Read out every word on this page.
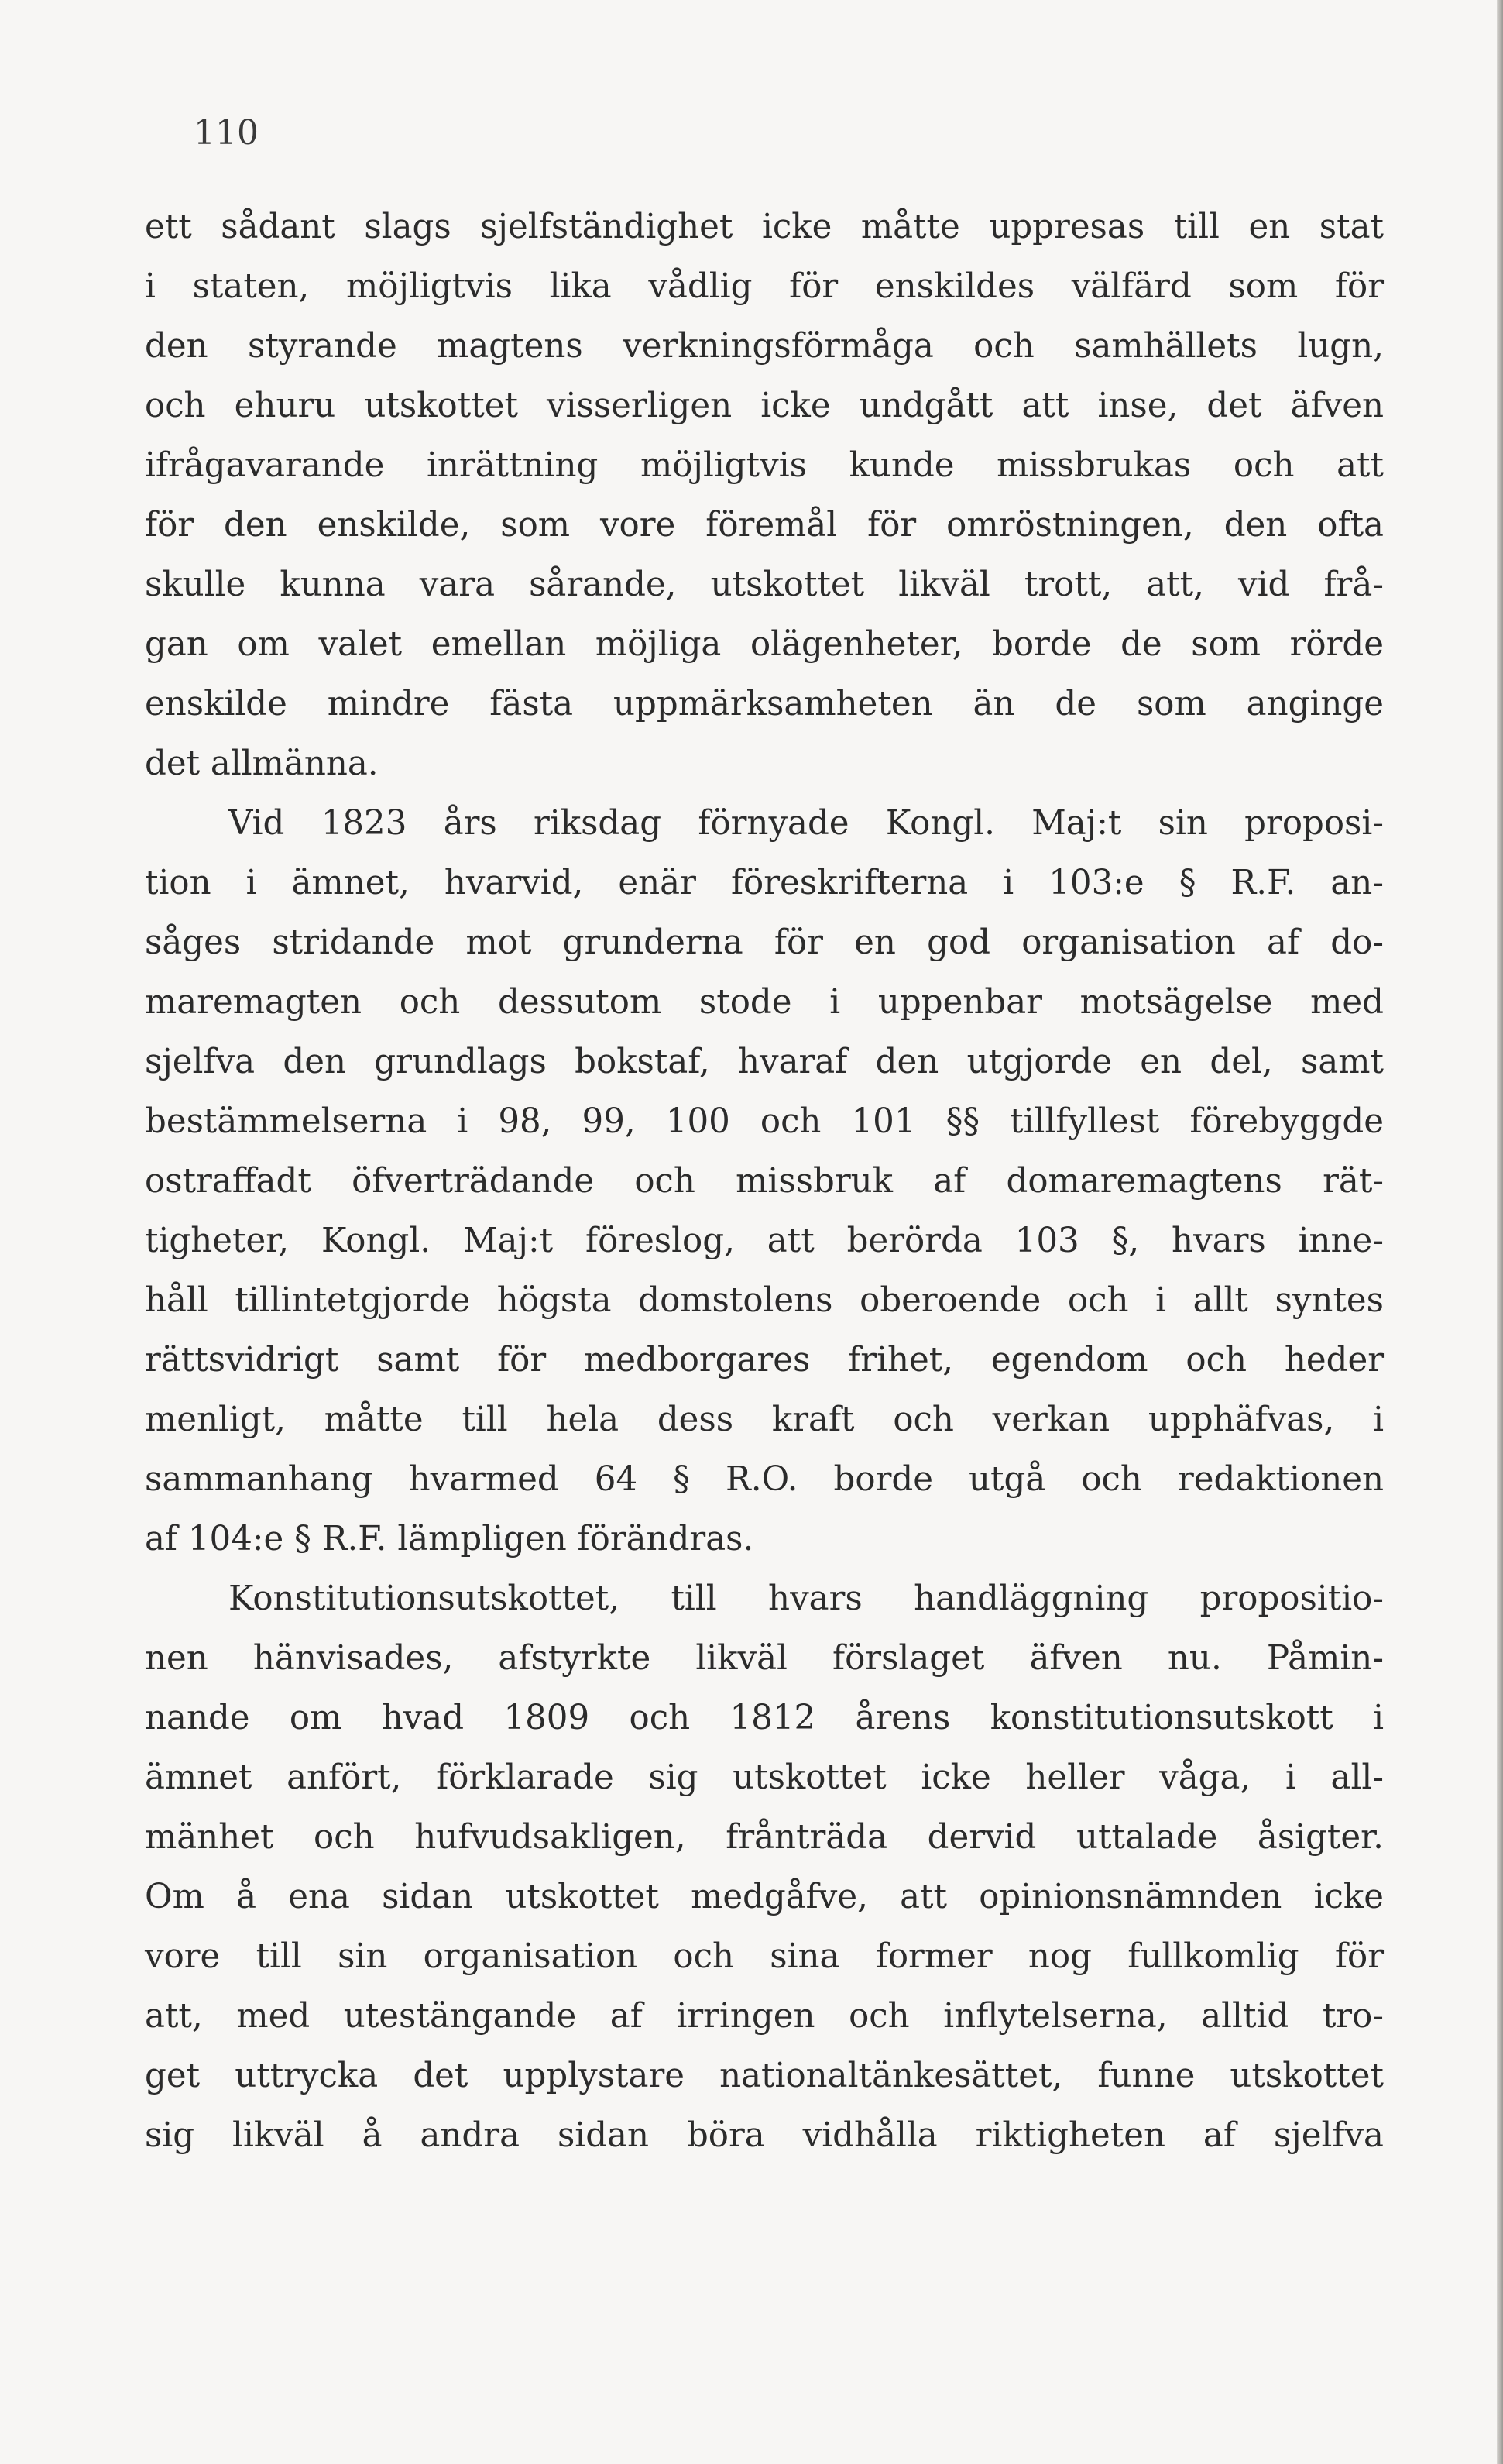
110
ett sådant slags sjelfständighet icke måtte uppresas till en stat
i staten, möjligtvis lika vådlig för enskildes välfärd som för
den styrande magtens verkningsförmåga och samhällets lugn,
och ehuru utskottet visserligen icke undgått att inse, det äfven
ifrågavarande inrättning möjligtvis kunde missbrukas och att
för den enskilde, som vore föremål för omröstningen, den ofta
skulle kunna vara sårande, utskottet likväl trott, att, vid frå-
gan om valet emellan möjliga olägenheter, borde de som rörde
enskilde mindre fästa uppmärksamheten än de som anginge
det allmänna.
Vid 1823 års riksdag förnyade Kongl. Maj:t sin proposi-
tion i ämnet, hvarvid, enär föreskrifterna i 103:e § R.F. an-
såges stridande mot grunderna för en god organisation af do-
maremagten och dessutom stode i uppenbar motsägelse med
sjelfva den grundlags bokstaf, hvaraf den utgjorde en del, samt
bestämmelserna i 98, 99, 100 och 101 §§ tillfyllest förebyggde
ostraffadt öfverträdande och missbruk af domaremagtens rät-
tigheter, Kongl. Maj:t föreslog, att berörda 103 §, hvars inne-
håll tillintetgjorde högsta domstolens oberoende och i allt syntes
rättsvidrigt samt för medborgares frihet, egendom och heder
menligt, måtte till hela dess kraft och verkan upphäfvas, i
sammanhang hvarmed 64 § R.O. borde utgå och redaktionen
af 104:e § R.F. lämpligen förändras.
Konstitutionsutskottet, till hvars handläggning propositio-
nen hänvisades, afstyrkte likväl förslaget äfven nu. Påmin-
nande om hvad 1809 och 1812 årens konstitutionsutskott i
ämnet anfört, förklarade sig utskottet icke heller våga, i all-
mänhet och hufvudsakligen, frånträda dervid uttalade åsigter.
Om å ena sidan utskottet medgåfve, att opinionsnämnden icke
vore till sin organisation och sina former nog fullkomlig för
att, med utestängande af irringen och inflytelserna, alltid tro-
get uttrycka det upplystare nationaltänkesättet, funne utskottet
sig likväl å andra sidan böra vidhålla riktigheten af sjelfva
